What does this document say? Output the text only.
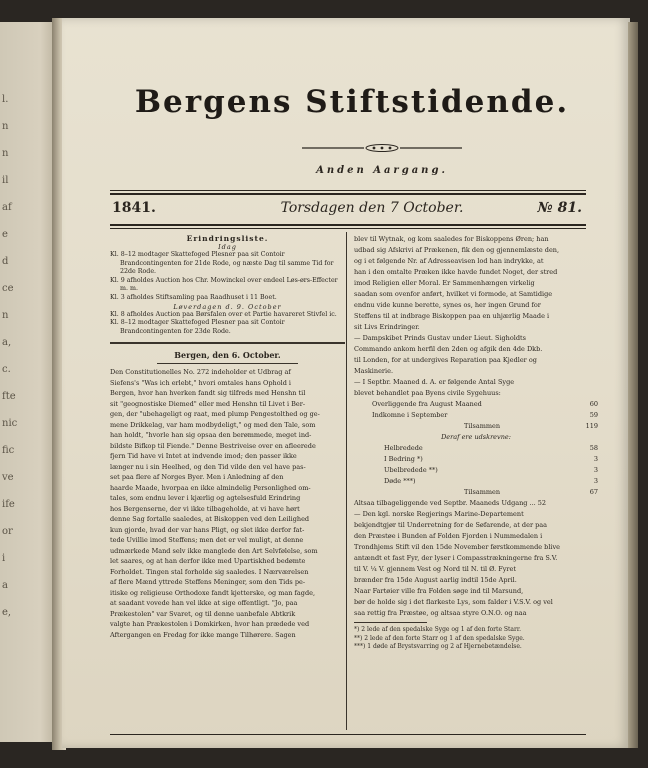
l.
n
n
il
af
e
d
ce
n
a,
c.
fte
nic
fic
ve
ife
or
i
a
e,
Bergens Stiftstidende.
Anden Aargang.
1841.	Torsdagen den 7 October.	№ 81.
Erindringsliste.
Idag

Kl. 8–12 modtager Skattefoged Plesner paa sit Contoir Brandcontingenten for 21de Rode, og næste Dag til samme Tid for 22de Rode.

Kl. 9 afholdes Auction hos Chr. Mowinckel over endeel Løs-ørs-Effecter m. m.

Kl. 3 afholdes Stiftsamling paa Raadhuset i 11 Boet.

Løverdagen d. 9. October

Kl. 8 afholdes Auction paa Børsfalen over et Partie havareret Stivfel ic.

Kl. 8–12 modtager Skattefoged Plesner paa sit Contoir Brandcontingenten for 23de Rode.

Bergen, den 6. October.

Den Constitutionelles No. 272 indeholder et Udbrag af

Siefens's "Was ich erlebt," hvori omtales hans Ophold i

Bergen, hvor han hverken fandt sig tilfreds med Henshn til

sit "geognostiske Diemed" eller med Henshn til Livet i Ber-

gen, der "ubehageligt og raat, med plump Pengestolthed og ge-

mene Drikkelag, var ham modbydeligt," og med den Tale, som

han holdt, "hvorle han sig opsaa den berømmede, meget ind-

bildste Bifkop til Fiende." Denne Bestriveise over en afleerede

fjern Tid have vi Intet at indvende imod; den passer ikke

længer nu i sin Heelhed, og den Tid vilde den vel have pas-

set paa flere af Norges Byer. Men i Anledning af den

haarde Maade, hvorpaa en ikke almindelig Personlighed om-

tales, som endnu lever i kjærlig og agtelsesfuld Erindring

hos Bergenserne, der vi ikke tilbageholde, at vi have hørt

denne Sag fortalle saaledes, at Biskoppen ved den Leilighed

kun gjorde, hvad der var hans Pligt, og slet ikke derfor fat-

tede Uvillie imod Steffens; men det er vel muligt, at denne

udmærkede Mand selv ikke manglede den Art Selvfølelse, som

let saares, og at han derfor ikke med Upartiskhed bedømte

Forholdet. Tingen stal forholde sig saaledes. I Nærværelsen

af flere Mænd yttrede Steffens Meninger, som den Tids pe-

itiske og religieuse Orthodoxe fandt kjetterske, og man fagde,

at saadant vovede han vel ikke at sige offentligt. "Jo, paa

Prækestolen" var Svaret, og til denne uanbefale Abtkrik

valgte han Prækestolen i Domkirken, hvor han prædede ved

Aftergangen en Fredag for ikke mange Tilhørere. Sagen

blev til Wytnak, og kom saaledes for Biskoppens Øren; han

udbad sig Afskrivi af Prækenen, fik den og gjennemlæste den,

og i et følgende Nr. af Adresseavisen lod han indrykke, at

han i den omtalte Præken ikke havde fundet Noget, der stred

imod Religien eller Moral. Er Sammenhængen virkelig

saadan som ovenfor anført, hvilket vi formode, at Samtidige

endnu vide kunne berette, synes os, her ingen Grund for

Steffens til at indbrage Biskoppen paa en uhjærlig Maade i

sit Livs Erindringer.

— Dampskibet Prinds Gustav under Lieut. Sigholdts

Commando ankom herfil den 2den og afgik den 4de Dkb.

til Londen, for at undergives Reparation paa Kjedler og

Maskinerie.

— I Septbr. Maaned d. A. er følgende Antal Syge

blevet behandlet paa Byens civile Sygehuus:

Overliggende fra August Maaned	60
Indkomne i September	59
Tilsammen	119

Deraf ere udskrevne:

Helbredede	58
I Bedring *)	3
Ubelbredede **)	3
Døde ***)	3
Tilsammen	67

Altsaa tilbageliggende ved Septbr. Maaneds Udgang ... 52

— Den kgl. norske Regjerings Marine-Departement

bekjendtgjør til Underretning for de Søfarende, at der paa

den Præstøe i Bunden af Folden Fjorden i Nummedalen i

Trondhjems Stift vil den 15de November førstkommende blive

antændt et fast Fyr, der lyser i Compasstrækningerne fra S.V.

til V. ¼ V. gjennem Vest og Nord til N. til Ø. Fyret

brænder fra 15de August aarlig indtil 15de April.

Naar Fartøier ville fra Folden søge ind til Marsund,

bør de holde sig i det flarkeste Lys, som falder i V.S.V. og vel

saa rettig fra Præstøe, og altsaa styre O.N.O. og naa

*) 2 lede af den spedalske Syge og 1 af den forte Starr.

**) 2 lede af den forte Starr og 1 af den spedalske Syge.

***) 1 døde af Brystsvarring og 2 af Hjernebetændelse.
